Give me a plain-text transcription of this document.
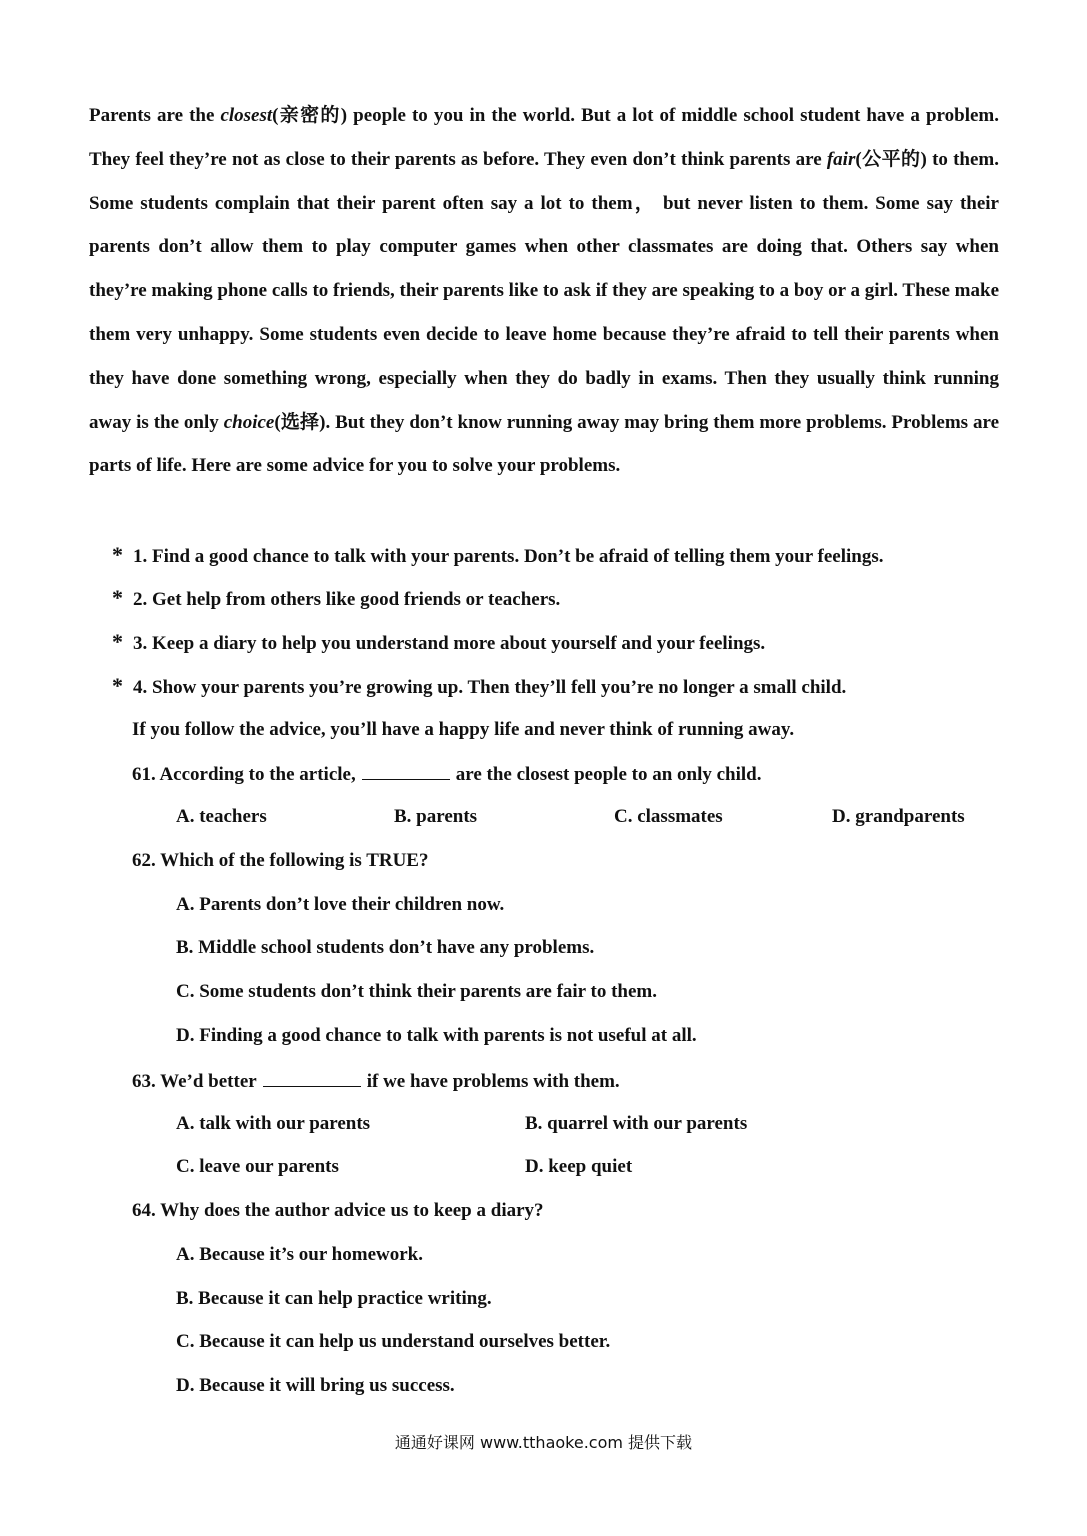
Parents are the closest(亲密的) people to you in the world. But a lot of middle school student have a problem. They feel they’re not as close to their parents as before. They even don’t think parents are fair(公平的) to them. Some students complain that their parent often say a lot to them， but never listen to them. Some say their parents don’t allow them to play computer games when other classmates are doing that. Others say when they’re making phone calls to friends, their parents like to ask if they are speaking to a boy or a girl. These make them very unhappy. Some students even decide to leave home because they’re afraid to tell their parents when they have done something wrong, especially when they do badly in exams. Then they usually think running away is the only choice(选择). But they don’t know running away may bring them more problems. Problems are parts of life. Here are some advice for you to solve your problems.

* 1. Find a good chance to talk with your parents. Don’t be afraid of telling them your feelings.
* 2. Get help from others like good friends or teachers.
* 3. Keep a diary to help you understand more about yourself and your feelings.
* 4. Show your parents you’re growing up. Then they’ll fell you’re no longer a small child.
If you follow the advice, you’ll have a happy life and never think of running away.
61. According to the article,	are the closest people to an only child.
A. teachers	B. parents	C. classmates	D. grandparents
62. Which of the following is TRUE?
A. Parents don’t love their children now.
B. Middle school students don’t have any problems.
C. Some students don’t think their parents are fair to them.
D. Finding a good chance to talk with parents is not useful at all.
63. We’d better	if we have problems with them.
A. talk with our parents	B. quarrel with our parents
C. leave our parents	D. keep quiet
64. Why does the author advice us to keep a diary?
A. Because it’s our homework.
B. Because it can help practice writing.
C. Because it can help us understand ourselves better.
D. Because it will bring us success.
通通好课网 www.tthaoke.com 提供下载
